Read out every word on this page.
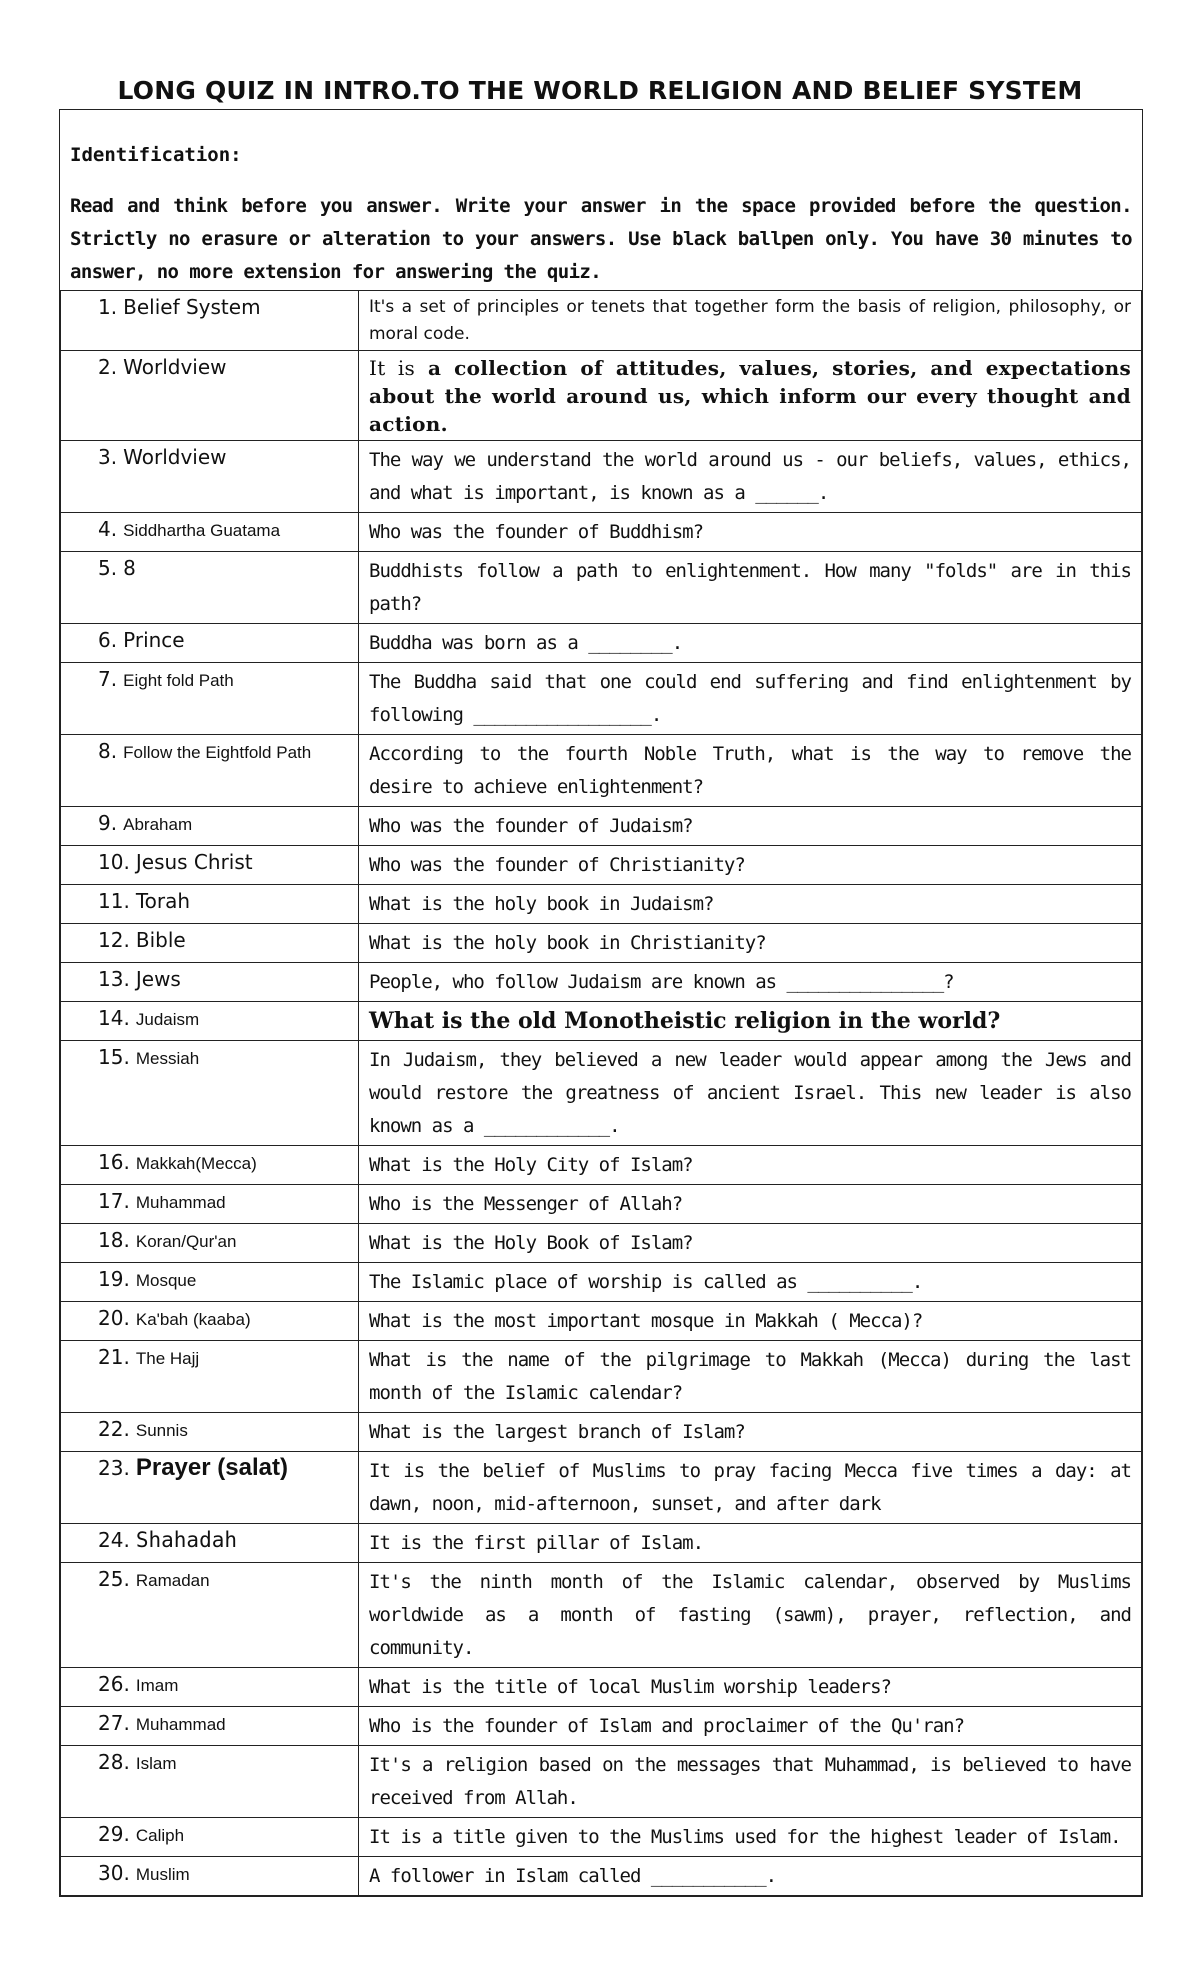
LONG QUIZ IN INTRO.TO THE WORLD RELIGION AND BELIEF SYSTEM

Identification:

Read and think before you answer. Write your answer in the space provided before the question. Strictly no erasure or alteration to your answers. Use black ballpen only. You have 30 minutes to answer, no more extension for answering the quiz.
1. Belief System	It's a set of principles or tenets that together form the basis of religion, philosophy, or moral code.
2. Worldview	It is a collection of attitudes, values, stories, and expectations about the world around us, which inform our every thought and action.
3. Worldview	The way we understand the world around us - our beliefs, values, ethics, and what is important, is known as a ______.
4. Siddhartha Guatama	Who was the founder of Buddhism?
5. 8	Buddhists follow a path to enlightenment. How many "folds" are in this path?
6. Prince	Buddha was born as a ________.
7. Eight fold Path	The Buddha said that one could end suffering and find enlightenment by following _________________.
8. Follow the Eightfold Path	According to the fourth Noble Truth, what is the way to remove the desire to achieve enlightenment?
9. Abraham	Who was the founder of Judaism?
10. Jesus Christ	Who was the founder of Christianity?
11. Torah	What is the holy book in Judaism?
12. Bible	What is the holy book in Christianity?
13. Jews	People, who follow Judaism are known as _______________?
14. Judaism	What is the old Monotheistic religion in the world?
15. Messiah	In Judaism, they believed a new leader would appear among the Jews and would restore the greatness of ancient Israel. This new leader is also known as a ____________.
16. Makkah(Mecca)	What is the Holy City of Islam?
17. Muhammad	Who is the Messenger of Allah?
18. Koran/Qur'an	What is the Holy Book of Islam?
19. Mosque	The Islamic place of worship is called as __________.
20. Ka'bah (kaaba)	What is the most important mosque in Makkah ( Mecca)?
21. The Hajj	What is the name of the pilgrimage to Makkah (Mecca) during the last month of the Islamic calendar?
22. Sunnis	What is the largest branch of Islam?
23. Prayer (salat)	It is the belief of Muslims to pray facing Mecca five times a day: at dawn, noon, mid-afternoon, sunset, and after dark
24. Shahadah	It is the first pillar of Islam.
25. Ramadan	It's the ninth month of the Islamic calendar, observed by Muslims worldwide as a month of fasting (sawm), prayer, reflection, and community.
26. Imam	What is the title of local Muslim worship leaders?
27. Muhammad	Who is the founder of Islam and proclaimer of the Qu'ran?
28. Islam	It's a religion based on the messages that Muhammad, is believed to have received from Allah.
29. Caliph	It is a title given to the Muslims used for the highest leader of Islam.
30. Muslim	A follower in Islam called ___________.
